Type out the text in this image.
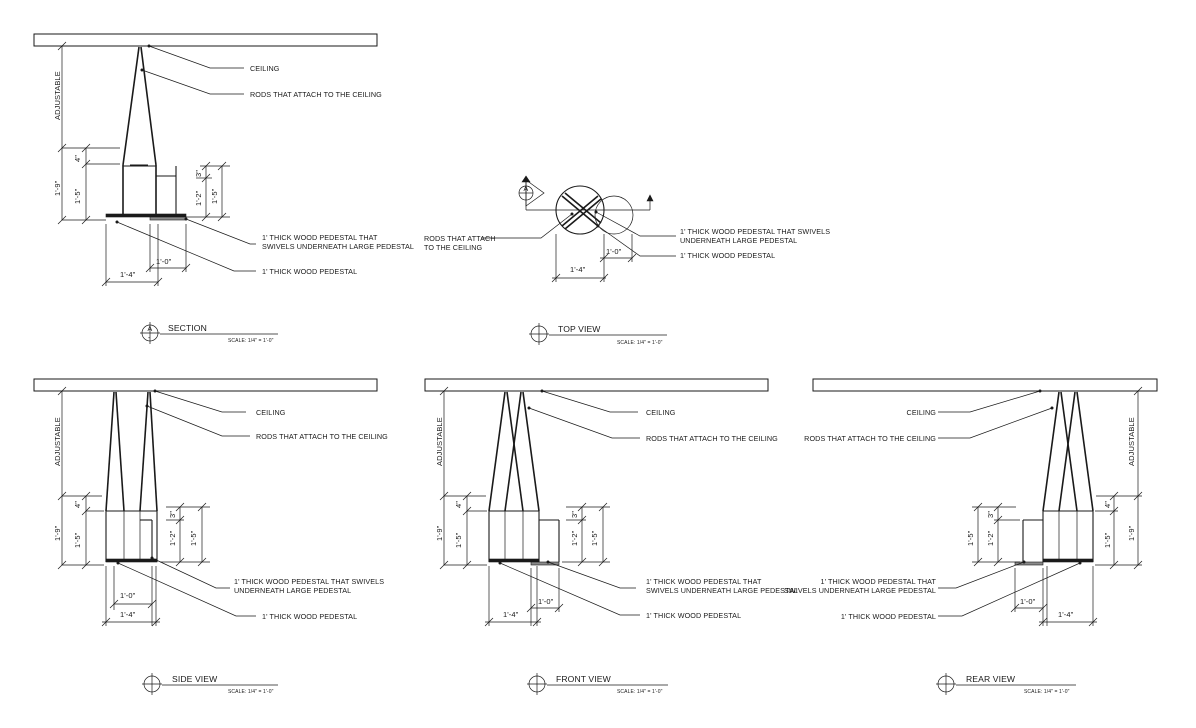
ADJUSTABLE
1'-9"
1'-5"
4"
3"
1'-2" 1'-5"
1'-0"
1'-4"
CEILING
RODS THAT ATTACH TO THE CEILING
1' THICK WOOD PEDESTAL THAT
SWIVELS UNDERNEATH LARGE PEDESTAL
1' THICK WOOD PEDESTAL
A
-
SECTION
SCALE: 1/4" = 1'-0"
A
1'-0"
1'-4"
RODS THAT ATTACH
TO THE CEILING
1' THICK WOOD PEDESTAL THAT SWIVELS
UNDERNEATH LARGE PEDESTAL
1' THICK WOOD PEDESTAL
TOP VIEW
SCALE: 1/4" = 1'-0"
ADJUSTABLE
1'-9" 1'-5"
4"
3"
1'-2" 1'-5"
1'-0"
1'-4"
CEILING
RODS THAT ATTACH TO THE CEILING
1' THICK WOOD PEDESTAL THAT SWIVELS
UNDERNEATH LARGE PEDESTAL
1' THICK WOOD PEDESTAL
SIDE VIEW
SCALE: 1/4" = 1'-0"
ADJUSTABLE
1'-9" 1'-5"
4"
3"
1'-2" 1'-5"
1'-0"
1'-4"
CEILING
RODS THAT ATTACH TO THE CEILING
1' THICK WOOD PEDESTAL THAT
SWIVELS UNDERNEATH LARGE PEDESTAL
1' THICK WOOD PEDESTAL
FRONT VIEW
SCALE: 1/4" = 1'-0"
ADJUSTABLE
1'-9"
1'-5"
4"
3"
1'-2"
1'-5"
1'-0"
1'-4"
CEILING
RODS THAT ATTACH TO THE CEILING
1' THICK WOOD PEDESTAL THAT
SWIVELS UNDERNEATH LARGE PEDESTAL
1' THICK WOOD PEDESTAL
REAR VIEW
SCALE: 1/4" = 1'-0"
